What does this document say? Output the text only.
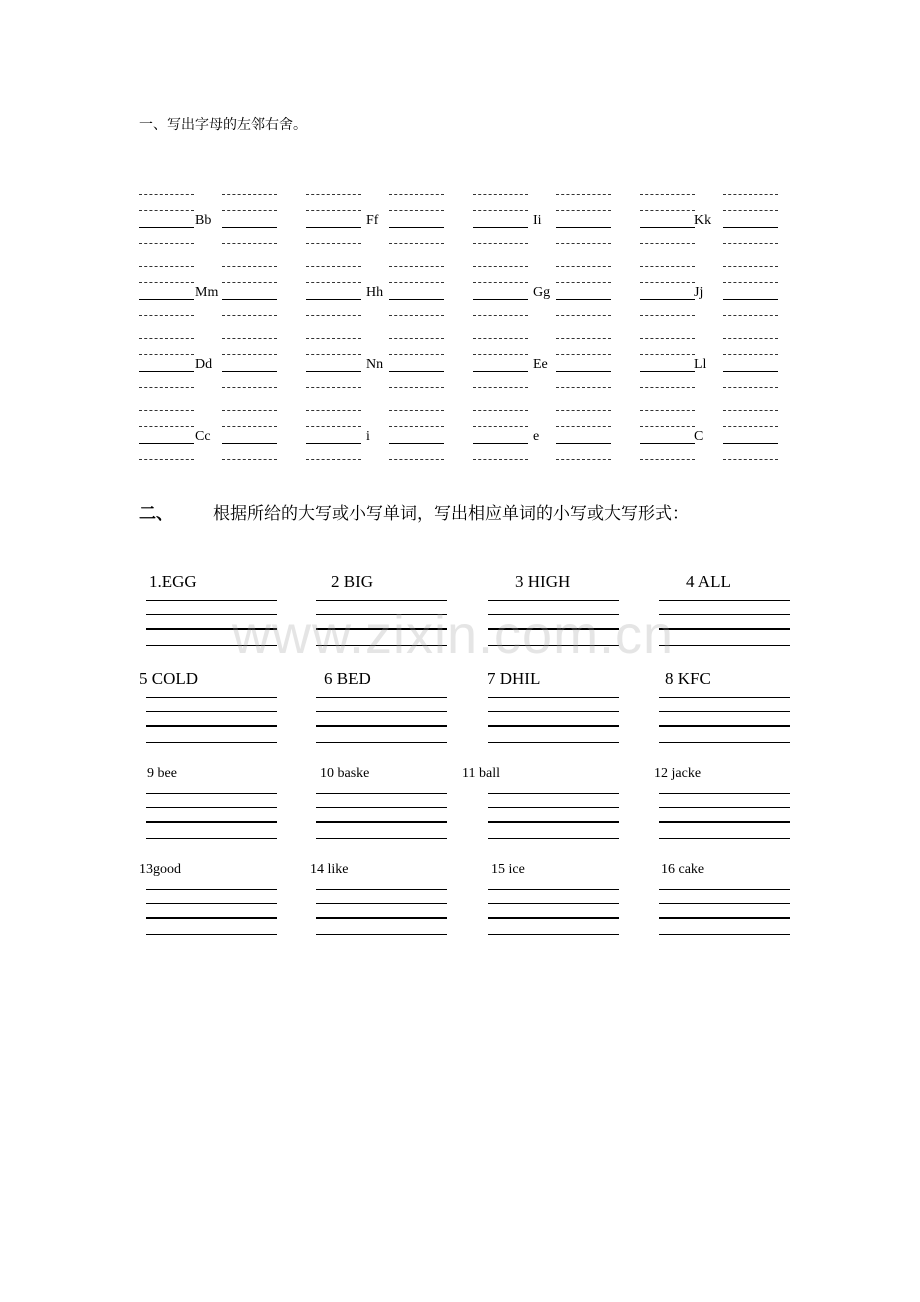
一、写出字母的左邻右舍。
Bb	Ff	Ii	Kk
Mm	Hh	Gg	Jj
Dd	Nn	Ee	Ll
Cc	i	e	C
二、 根据所给的大写或小写单词，写出相应单词的小写或大写形式：
1.EGG	2 BIG	3 HIGH	4 ALL
5 COLD	6 BED	7 DHIL	8 KFC
9 bee	10 baske	11 ball	12 jacke
13good	14 like	15 ice	16 cake
www.zixin.com.cn
